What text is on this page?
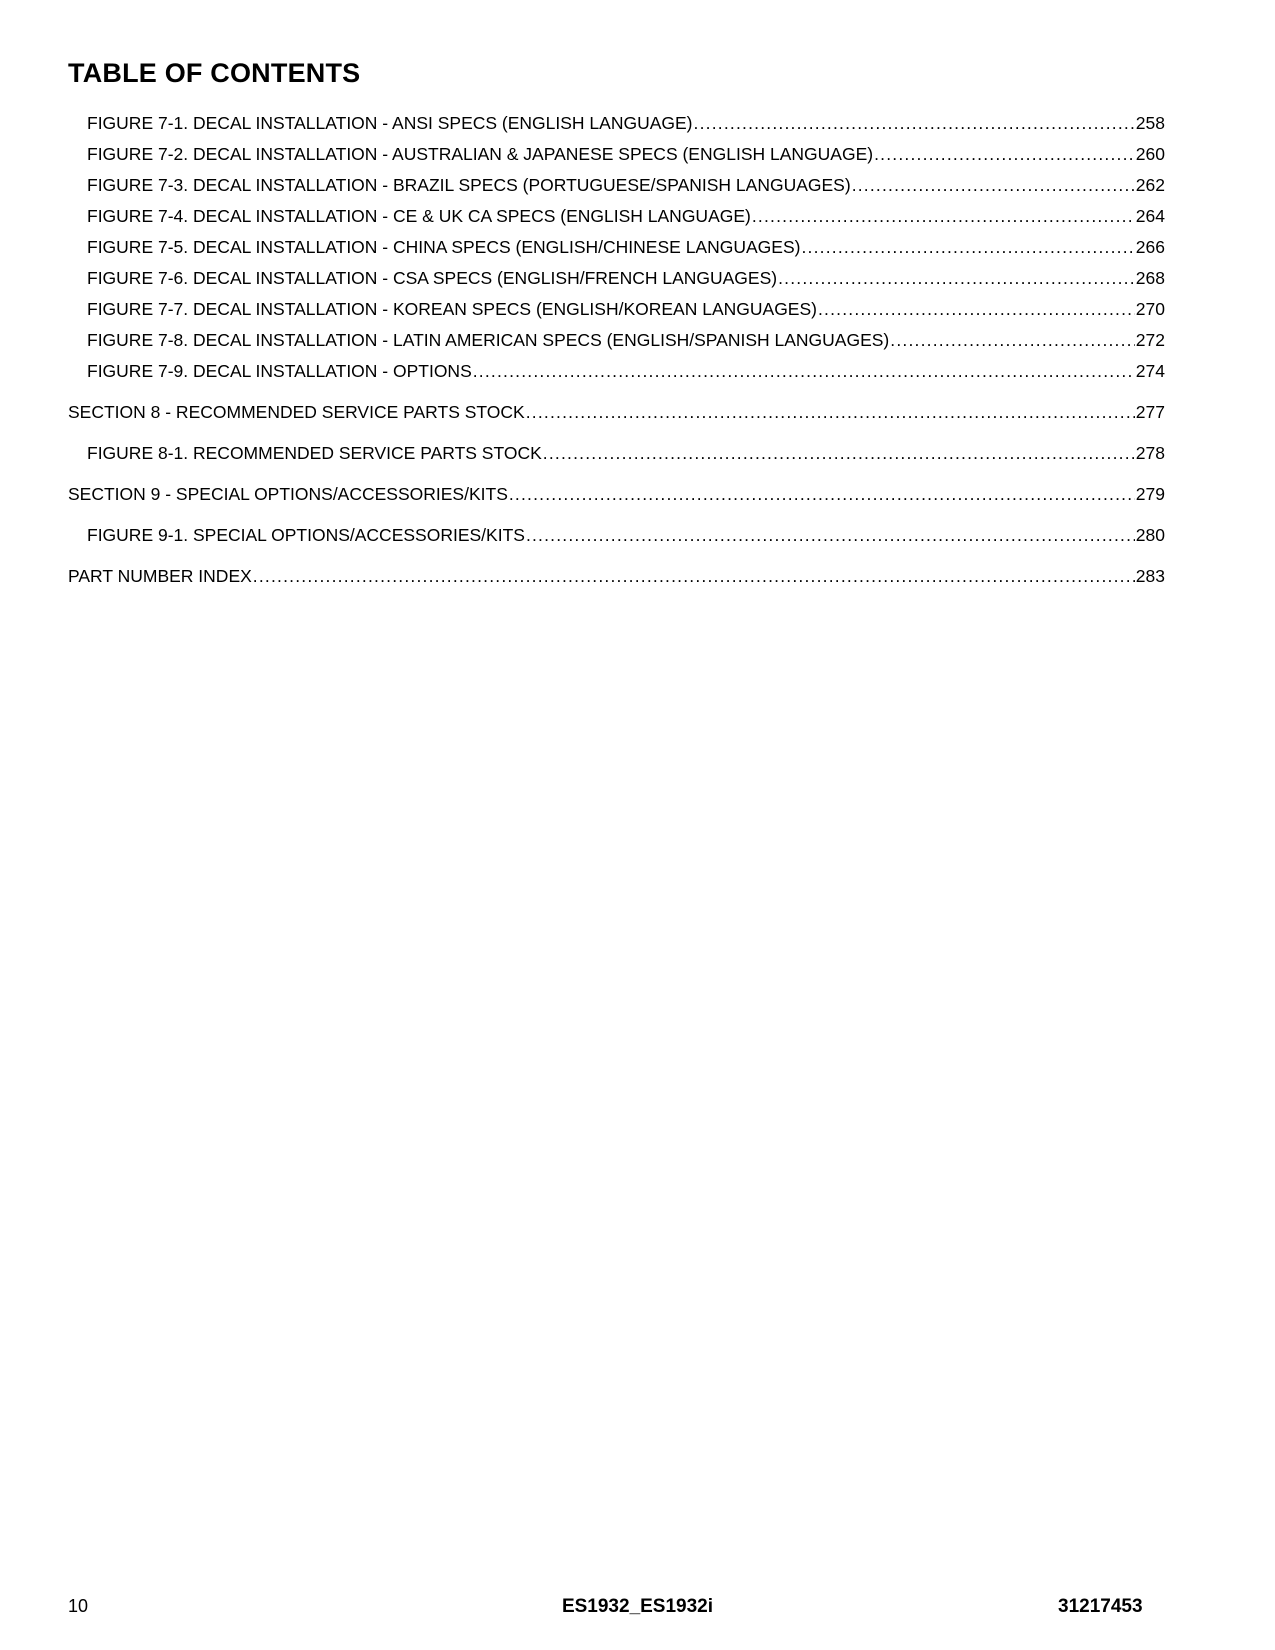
TABLE OF CONTENTS
FIGURE 7-1. DECAL INSTALLATION - ANSI SPECS (ENGLISH LANGUAGE) .....	258
FIGURE 7-2. DECAL INSTALLATION - AUSTRALIAN & JAPANESE SPECS (ENGLISH LANGUAGE) .....	260
FIGURE 7-3. DECAL INSTALLATION - BRAZIL SPECS (PORTUGUESE/SPANISH LANGUAGES) .....	262
FIGURE 7-4. DECAL INSTALLATION - CE & UK CA SPECS (ENGLISH LANGUAGE) .....	264
FIGURE 7-5. DECAL INSTALLATION - CHINA SPECS (ENGLISH/CHINESE LANGUAGES) .....	266
FIGURE 7-6. DECAL INSTALLATION - CSA SPECS (ENGLISH/FRENCH LANGUAGES) .....	268
FIGURE 7-7. DECAL INSTALLATION - KOREAN SPECS (ENGLISH/KOREAN LANGUAGES) .....	270
FIGURE 7-8. DECAL INSTALLATION - LATIN AMERICAN SPECS (ENGLISH/SPANISH LANGUAGES) .....	272
FIGURE 7-9. DECAL INSTALLATION - OPTIONS .....	274
SECTION 8 - RECOMMENDED SERVICE PARTS STOCK .....	277
FIGURE 8-1. RECOMMENDED SERVICE PARTS STOCK .....	278
SECTION 9 - SPECIAL OPTIONS/ACCESSORIES/KITS .....	279
FIGURE 9-1. SPECIAL OPTIONS/ACCESSORIES/KITS .....	280
PART NUMBER INDEX .....	283
10	ES1932_ES1932i	31217453
